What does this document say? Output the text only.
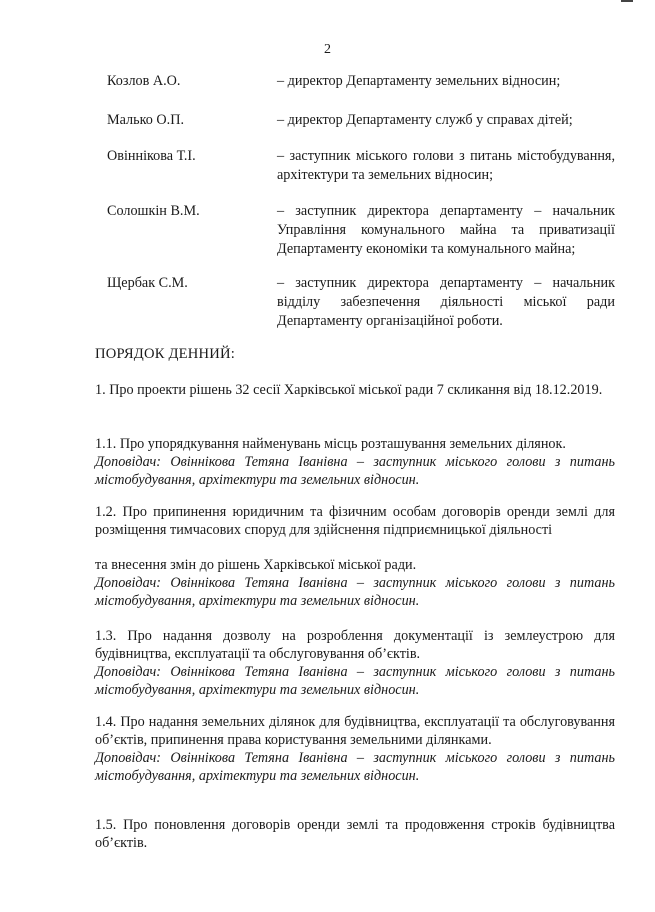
2
Козлов А.О.	– директор Департаменту земельних відносин;
Малько О.П.	– директор Департаменту служб у справах дітей;
Овіннікова Т.І.	– заступник міського голови з питань містобудування, архітектури та земельних відносин;
Солошкін В.М.	– заступник директора департаменту – начальник Управління комунального майна та приватизації Департаменту економіки та комунального майна;
Щербак С.М.	– заступник директора департаменту – начальник відділу забезпечення діяльності міської ради Департаменту організаційної роботи.
ПОРЯДОК ДЕННИЙ:
1. Про проекти рішень 32 сесії Харківської міської ради 7 скликання від 18.12.2019.
1.1. Про упорядкування найменувань місць розташування земельних ділянок.
Доповідач: Овіннікова Тетяна Іванівна – заступник міського голови з питань містобудування, архітектури та земельних відносин.
1.2. Про припинення юридичним та фізичним особам договорів оренди землі для розміщення тимчасових споруд для здійснення підприємницької діяльності
та внесення змін до рішень Харківської міської ради.
Доповідач: Овіннікова Тетяна Іванівна – заступник міського голови з питань містобудування, архітектури та земельних відносин.
1.3. Про надання дозволу на розроблення документації із землеустрою для будівництва, експлуатації та обслуговування об’єктів.
Доповідач: Овіннікова Тетяна Іванівна – заступник міського голови з питань містобудування, архітектури та земельних відносин.
1.4. Про надання земельних ділянок для будівництва, експлуатації та обслуговування об’єктів, припинення права користування земельними ділянками.
Доповідач: Овіннікова Тетяна Іванівна – заступник міського голови з питань містобудування, архітектури та земельних відносин.
1.5. Про поновлення договорів оренди землі та продовження строків будівництва об’єктів.
